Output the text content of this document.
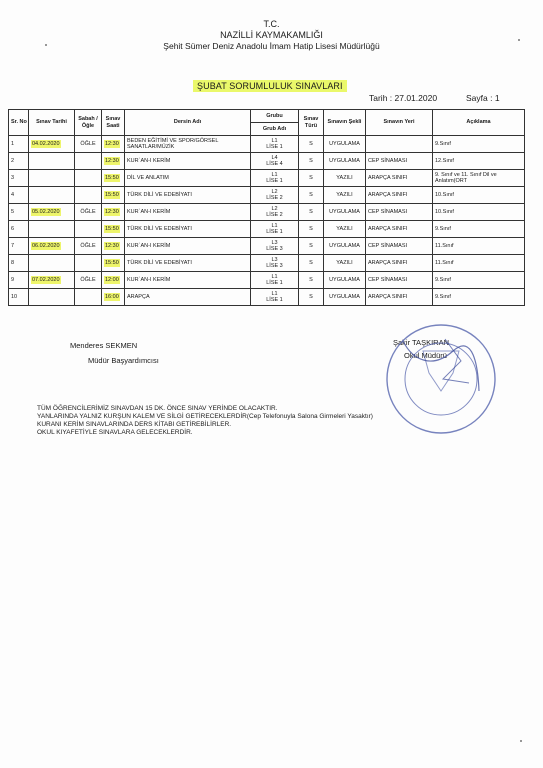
T.C.
NAZİLLİ KAYMAKAMLIĞI
Şehit Sümer Deniz Anadolu İmam Hatip Lisesi Müdürlüğü
ŞUBAT SORUMLULUK SINAVLARI
Tarih : 27.01.2020	Sayfa : 1
Sr. No	Sınav Tarihi	Sabah / Öğle	Sınav Saati	Dersin Adı	Grubu	Sınav Türü	Sınavın Şekli	Sınavın Yeri	Açıklama
					Grub Adı				
1	04.02.2020	ÖĞLE	12:30	BEDEN EĞİTİMİ VE SPOR/GÖRSEL SANATLAR/MÜZİK	L1
LİSE 1	S	UYGULAMA		9.Sınıf
2			12:30	KUR`AN-I KERİM	L4
LİSE 4	S	UYGULAMA	CEP SİNAMASI	12.Sınıf
3			15:50	DİL VE ANLATIM	L1
LİSE 1	S	YAZILI	ARAPÇA SINIFI	9. Sınıf ve 11. Sınıf Dil ve Anlatım(ORT
4			15:50	TÜRK DİLİ VE EDEBİYATI	L2
LİSE 2	S	YAZILI	ARAPÇA SINIFI	10.Sınıf
5	05.02.2020	ÖĞLE	12:30	KUR`AN-I KERİM	L2
LİSE 2	S	UYGULAMA	CEP SİNAMASI	10.Sınıf
6			15:50	TÜRK DİLİ VE EDEBİYATI	L1
LİSE 1	S	YAZILI	ARAPÇA SINIFI	9.Sınıf
7	06.02.2020	ÖĞLE	12:30	KUR`AN-I KERİM	L3
LİSE 3	S	UYGULAMA	CEP SİNAMASI	11.Sınıf
8			15:50	TÜRK DİLİ VE EDEBİYATI	L3
LİSE 3	S	YAZILI	ARAPÇA SINIFI	11.Sınıf
9	07.02.2020	ÖĞLE	12:00	KUR`AN-I KERİM	L1
LİSE 1	S	UYGULAMA	CEP SİNAMASI	9.Sınıf
10			16:00	ARAPÇA	L1
LİSE 1	S	UYGULAMA	ARAPÇA SINIFI	9.Sınıf
Menderes SEKMEN
Müdür Başyardımcısı
Şakir TAŞKIRAN
Okul Müdürü
TÜM ÖĞRENCİLERİMİZ SINAVDAN 15 DK. ÖNCE SINAV YERİNDE OLACAKTIR.
YANLARINDA YALNIZ KURŞUN KALEM VE SİLGİ GETİRECEKLERDİR(Cep Telefonuyla Salona Girmeleri Yasaktır)
KURANI KERİM SINAVLARINDA DERS KİTABI GETİREBİLİRLER.
OKUL KIYAFETİYLE SINAVLARA GELECEKLERDİR.
